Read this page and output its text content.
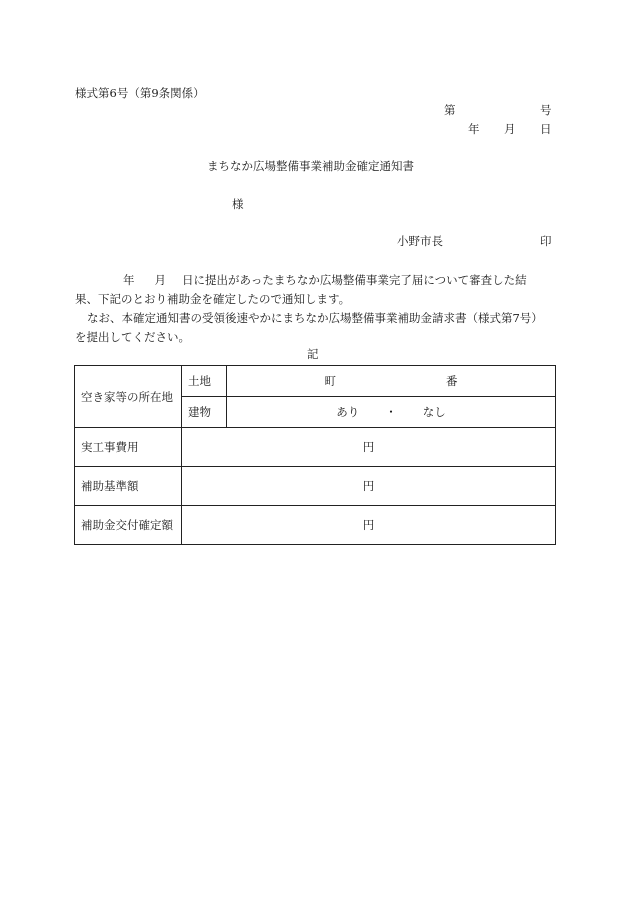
様式第6号（第9条関係）
第	号
年 月 日
まちなか広場整備事業補助金確定通知書
様
小野市長	印

年 月 日に提出があったまちなか広場整備事業完了届について審査した結

果、下記のとおり補助金を確定したので通知します。

なお、本確定通知書の受領後速やかにまちなか広場整備事業補助金請求書（様式第7号）

を提出してください。

記
空き家等の所在地	土地	町 番

	建物	あり ・ なし

実工事費用	円	
補助基準額	円	
補助金交付確定額	円	
